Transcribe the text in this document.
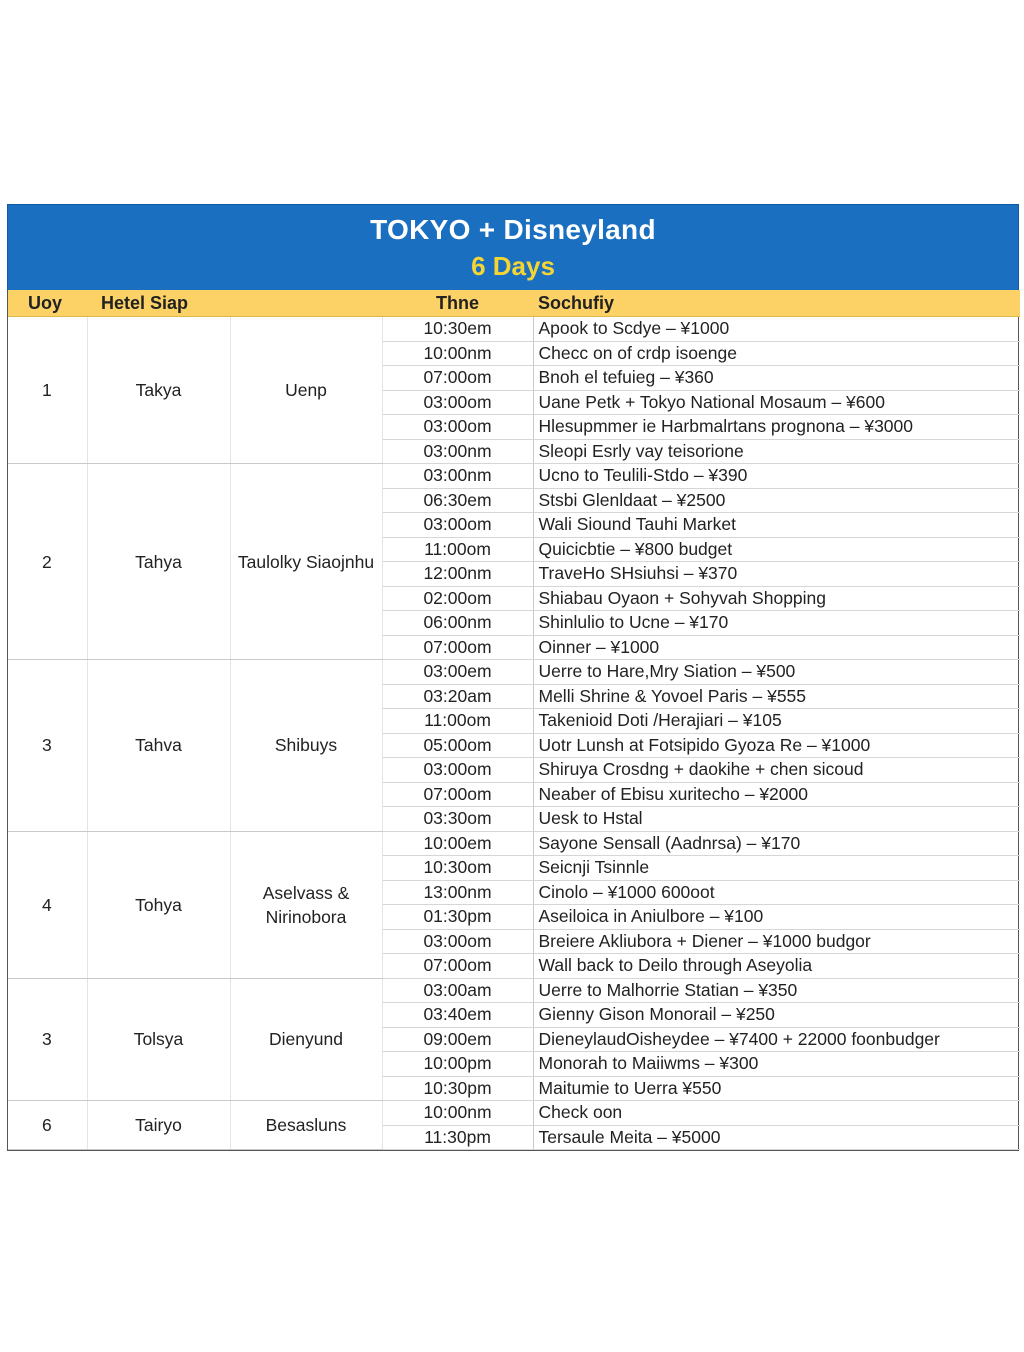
TOKYO + Disneyland
6 Days
Uoy	Hetel Siap		Thne	Sochufiy
1	Takya	Uenp	10:30em	Apook to Scdye – ¥1000
			10:00nm	Checc on of crdp isoenge
			07:00om	Bnoh el tefuieg – ¥360
			03:00om	Uane Petk + Tokyo National Mosaum – ¥600
			03:00om	Hlesupmmer ie Harbmalrtans prognona – ¥3000
			03:00nm	Sleopi Esrly vay teisorione
2	Tahya	Taulolky Siaojnhu	03:00nm	Ucno to Teulili-Stdo – ¥390
			06:30em	Stsbi Glenldaat – ¥2500
			03:00om	Wali Siound Tauhi Market
			11:00om	Quicicbtie – ¥800 budget
			12:00nm	TraveHo SHsiuhsi – ¥370
			02:00om	Shiabau Oyaon + Sohyvah Shopping
			06:00nm	Shinlulio to Ucne – ¥170
			07:00om	Oinner – ¥1000
3	Tahva	Shibuys	03:00em	Uerre to Hare,Mry Siation – ¥500
			03:20am	Melli Shrine & Yovoel Paris – ¥555
			11:00om	Takenioid Doti /Herajiari – ¥105
			05:00om	Uotr Lunsh at Fotsipido Gyoza Re – ¥1000
			03:00om	Shiruya Crosdng + daokihe + chen sicoud
			07:00om	Neaber of Ebisu xuritecho – ¥2000
			03:30om	Uesk to Hstal
4	Tohya	Aselvass & Nirinobora	10:00em	Sayone Sensall (Aadnrsa) – ¥170
			10:30om	Seicnji Tsinnle
			13:00nm	Cinolo – ¥1000 600oot
			01:30pm	Aseiloica in Aniulbore – ¥100
			03:00om	Breiere Akliubora + Diener – ¥1000 budgor
			07:00om	Wall back to Deilo through Aseyolia
3	Tolsya	Dienyund	03:00am	Uerre to Malhorrie Statian – ¥350
			03:40em	Gienny Gison Monorail – ¥250
			09:00em	DieneylaudOisheydee – ¥7400 + 22000 foonbudger
			10:00pm	Monorah to Maiiwms – ¥300
			10:30pm	Maitumie to Uerra ¥550
6	Tairyo	Besasluns	10:00nm	Check oon
			11:30pm	Tersaule Meita – ¥5000
